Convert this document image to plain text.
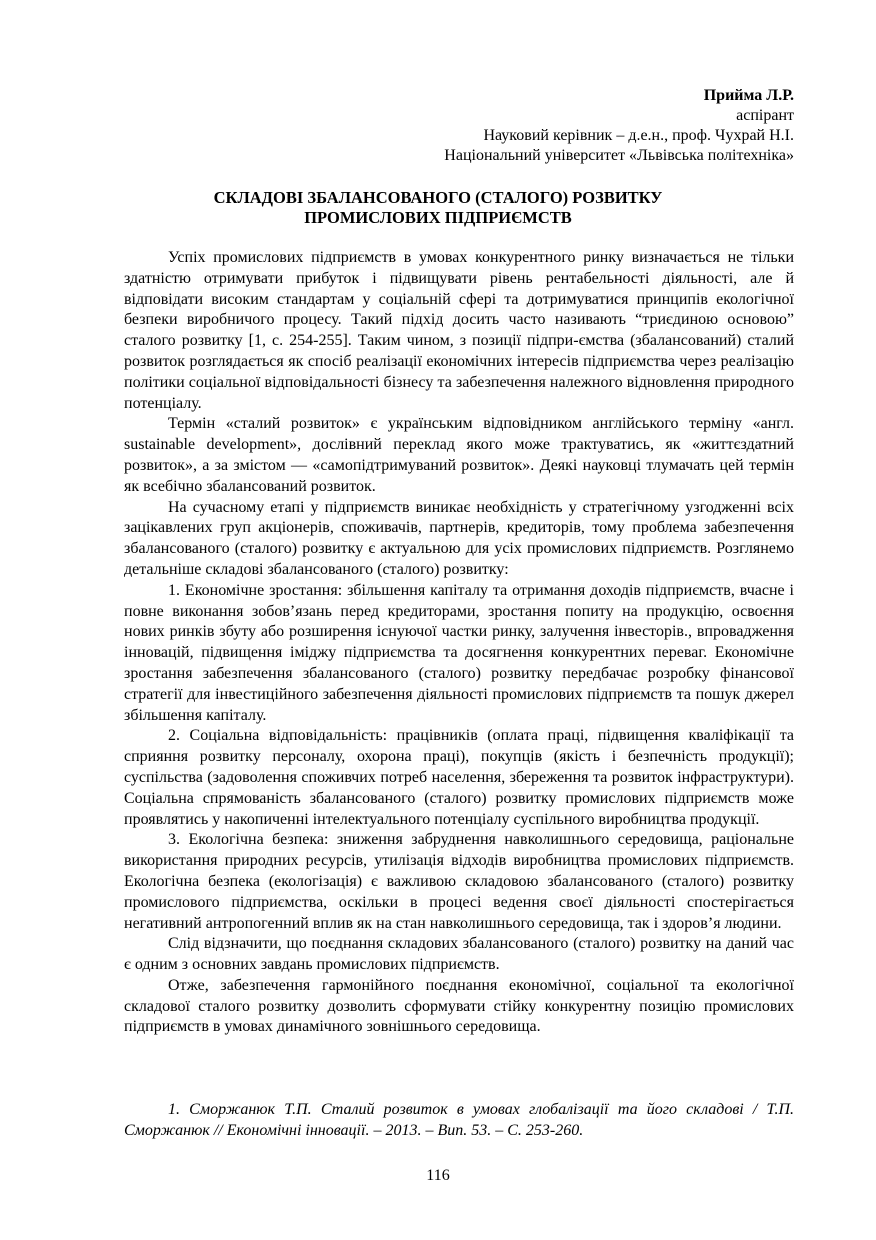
Прийма Л.Р.
аспірант
Науковий керівник – д.е.н., проф. Чухрай Н.І.
Національний університет «Львівська політехніка»
СКЛАДОВІ ЗБАЛАНСОВАНОГО (СТАЛОГО) РОЗВИТКУ
ПРОМИСЛОВИХ ПІДПРИЄМСТВ

Успіх промислових підприємств в умовах конкурентного ринку визначається не тільки здатністю отримувати прибуток і підвищувати рівень рентабельності діяльності, але й відповідати високим стандартам у соціальній сфері та дотримуватися принципів екологічної безпеки виробничого процесу. Такий підхід досить часто називають “триєдиною основою” сталого розвитку [1, с. 254-255]. Таким чином, з позиції підпри-ємства (збалансований) сталий розвиток розглядається як спосіб реалізації економічних інтересів підприємства через реалізацію політики соціальної відповідальності бізнесу та забезпечення належного відновлення природного потенціалу.

Термін «сталий розвиток» є українським відповідником англійського терміну «англ. sustainable development», дослівний переклад якого може трактуватись, як «життєздатний розвиток», а за змістом — «самопідтримуваний розвиток». Деякі науковці тлумачать цей термін як всебічно збалансований розвиток.

На сучасному етапі у підприємств виникає необхідність у стратегічному узгодженні всіх зацікавлених груп акціонерів, споживачів, партнерів, кредиторів, тому проблема забезпечення збалансованого (сталого) розвитку є актуальною для усіх промислових підприємств. Розглянемо детальніше складові збалансованого (сталого) розвитку:

1. Економічне зростання: збільшення капіталу та отримання доходів підприємств, вчасне і повне виконання зобов’язань перед кредиторами, зростання попиту на продукцію, освоєння нових ринків збуту або розширення існуючої частки ринку, залучення інвесторів., впровадження інновацій, підвищення іміджу підприємства та досягнення конкурентних переваг. Економічне зростання забезпечення збалансованого (сталого) розвитку передбачає розробку фінансової стратегії для інвестиційного забезпечення діяльності промислових підприємств та пошук джерел збільшення капіталу.

2. Соціальна відповідальність: працівників (оплата праці, підвищення кваліфікації та сприяння розвитку персоналу, охорона праці), покупців (якість і безпечність продукції); суспільства (задоволення споживчих потреб населення, збереження та розвиток інфраструктури). Соціальна спрямованість збалансованого (сталого) розвитку промислових підприємств може проявлятись у накопиченні інтелектуального потенціалу суспільного виробництва продукції.

3. Екологічна безпека: зниження забруднення навколишнього середовища, раціональне використання природних ресурсів, утилізація відходів виробництва промислових підприємств. Екологічна безпека (екологізація) є важливою складовою збалансованого (сталого) розвитку промислового підприємства, оскільки в процесі ведення своєї діяльності спостерігається негативний антропогенний вплив як на стан навколишнього середовища, так і здоров’я людини.

Слід відзначити, що поєднання складових збалансованого (сталого) розвитку на даний час є одним з основних завдань промислових підприємств.

Отже, забезпечення гармонійного поєднання економічної, соціальної та екологічної складової сталого розвитку дозволить сформувати стійку конкурентну позицію промислових підприємств в умовах динамічного зовнішнього середовища.

1. Сморжанюк Т.П. Сталий розвиток в умовах глобалізації та його складові / Т.П. Сморжанюк // Економічні інновації. – 2013. – Вип. 53. – С. 253-260.
116
